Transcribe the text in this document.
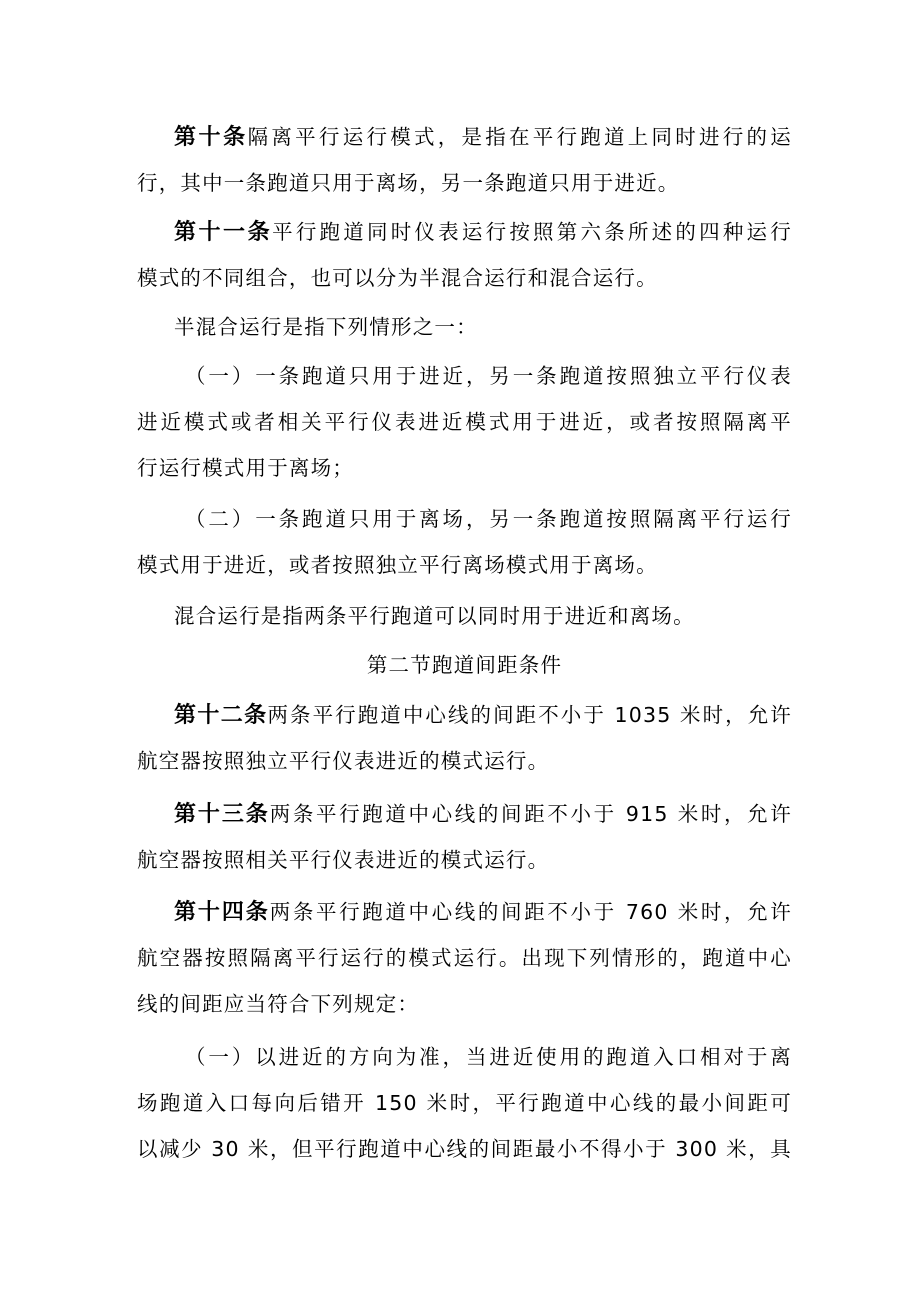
第十条隔离平行运行模式，是指在平行跑道上同时进行的运
行，其中一条跑道只用于离场，另一条跑道只用于进近。
第十一条平行跑道同时仪表运行按照第六条所述的四种运行
模式的不同组合，也可以分为半混合运行和混合运行。
半混合运行是指下列情形之一：
（一）一条跑道只用于进近，另一条跑道按照独立平行仪表
进近模式或者相关平行仪表进近模式用于进近，或者按照隔离平
行运行模式用于离场；
（二）一条跑道只用于离场，另一条跑道按照隔离平行运行
模式用于进近，或者按照独立平行离场模式用于离场。
混合运行是指两条平行跑道可以同时用于进近和离场。
第二节跑道间距条件
第十二条两条平行跑道中心线的间距不小于 1035 米时，允许
航空器按照独立平行仪表进近的模式运行。
第十三条两条平行跑道中心线的间距不小于 915 米时，允许
航空器按照相关平行仪表进近的模式运行。
第十四条两条平行跑道中心线的间距不小于 760 米时，允许
航空器按照隔离平行运行的模式运行。出现下列情形的，跑道中心
线的间距应当符合下列规定：
（一）以进近的方向为准，当进近使用的跑道入口相对于离
场跑道入口每向后错开 150 米时，平行跑道中心线的最小间距可
以减少 30 米，但平行跑道中心线的间距最小不得小于 300 米，具
